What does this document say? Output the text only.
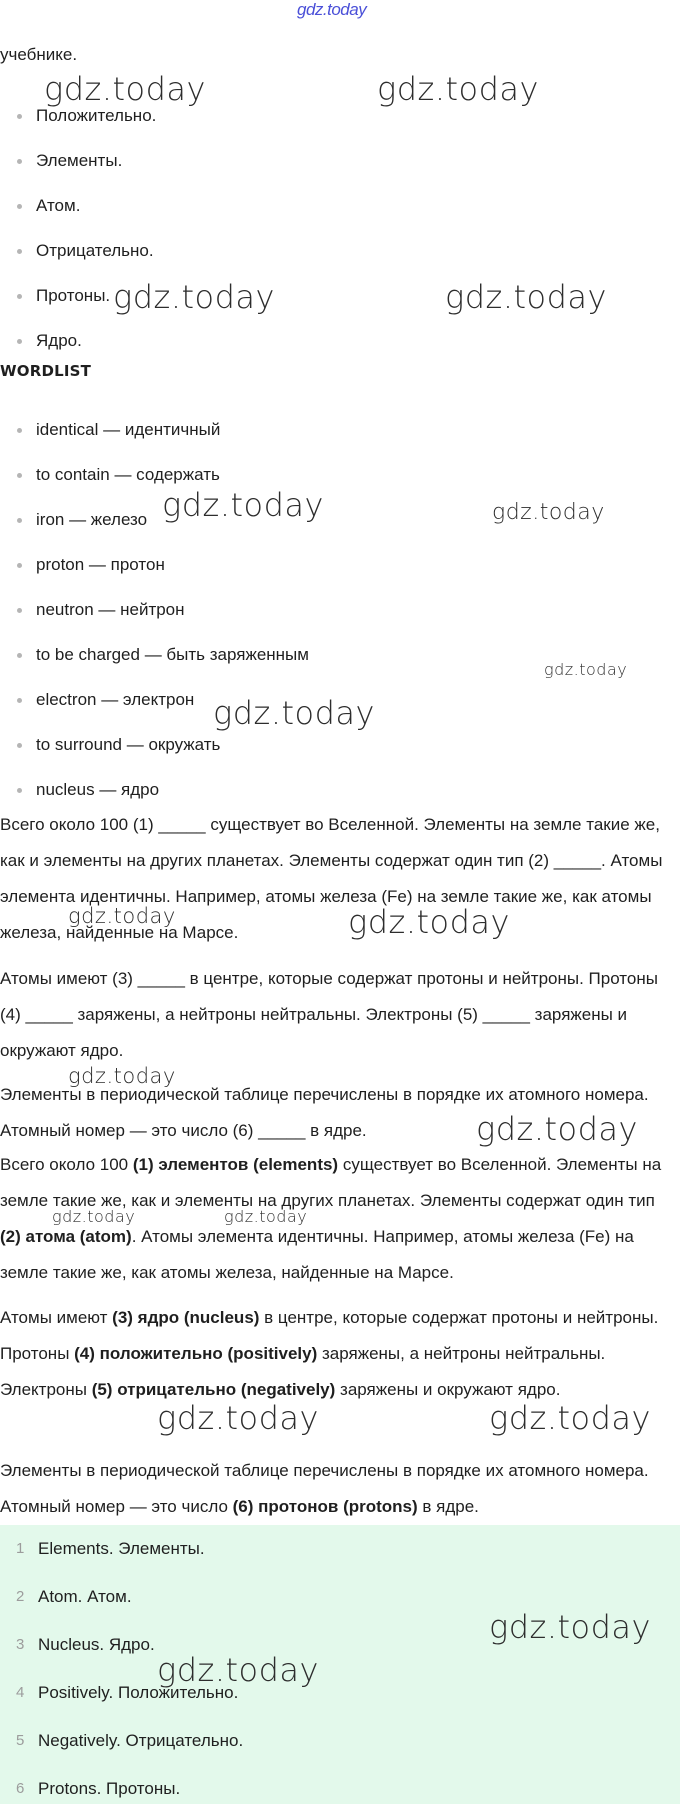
gdz.today
учебнике.
Положительно.
Элементы.
Атом.
Отрицательно.
Протоны.
Ядро.
WORDLIST
identical — идентичный
to contain — содержать
iron — железо
proton — протон
neutron — нейтрон
to be charged — быть заряженным
electron — электрон
to surround — окружать
nucleus — ядро
Всего около 100 (1) _____ существует во Вселенной. Элементы на земле такие же, как и элементы на других планетах. Элементы содержат один тип (2) _____. Атомы элемента идентичны. Например, атомы железа (Fe) на земле такие же, как атомы железа, найденные на Марсе.
Атомы имеют (3) _____ в центре, которые содержат протоны и нейтроны. Протоны (4) _____ заряжены, а нейтроны нейтральны. Электроны (5) _____ заряжены и окружают ядро.
Элементы в периодической таблице перечислены в порядке их атомного номера. Атомный номер — это число (6) _____ в ядре.
Всего около 100 (1) элементов (elements) существует во Вселенной. Элементы на земле такие же, как и элементы на других планетах. Элементы содержат один тип (2) атома (atom). Атомы элемента идентичны. Например, атомы железа (Fe) на земле такие же, как атомы железа, найденные на Марсе.
Атомы имеют (3) ядро (nucleus) в центре, которые содержат протоны и нейтроны. Протоны (4) положительно (positively) заряжены, а нейтроны нейтральны. Электроны (5) отрицательно (negatively) заряжены и окружают ядро.
Элементы в периодической таблице перечислены в порядке их атомного номера. Атомный номер — это число (6) протонов (protons) в ядре.
1 Elements. Элементы.
2 Atom. Атом.
3 Nucleus. Ядро.
4 Positively. Положительно.
5 Negatively. Отрицательно.
6 Protons. Протоны.
gdz.today	gdz.today
gdz.today	gdz.today
gdz.today	gdz.today
gdz.today
gdz.today
gdz.today	gdz.today
gdz.today
gdz.today
gdz.today	gdz.today
gdz.today	gdz.today
gdz.today
gdz.today
